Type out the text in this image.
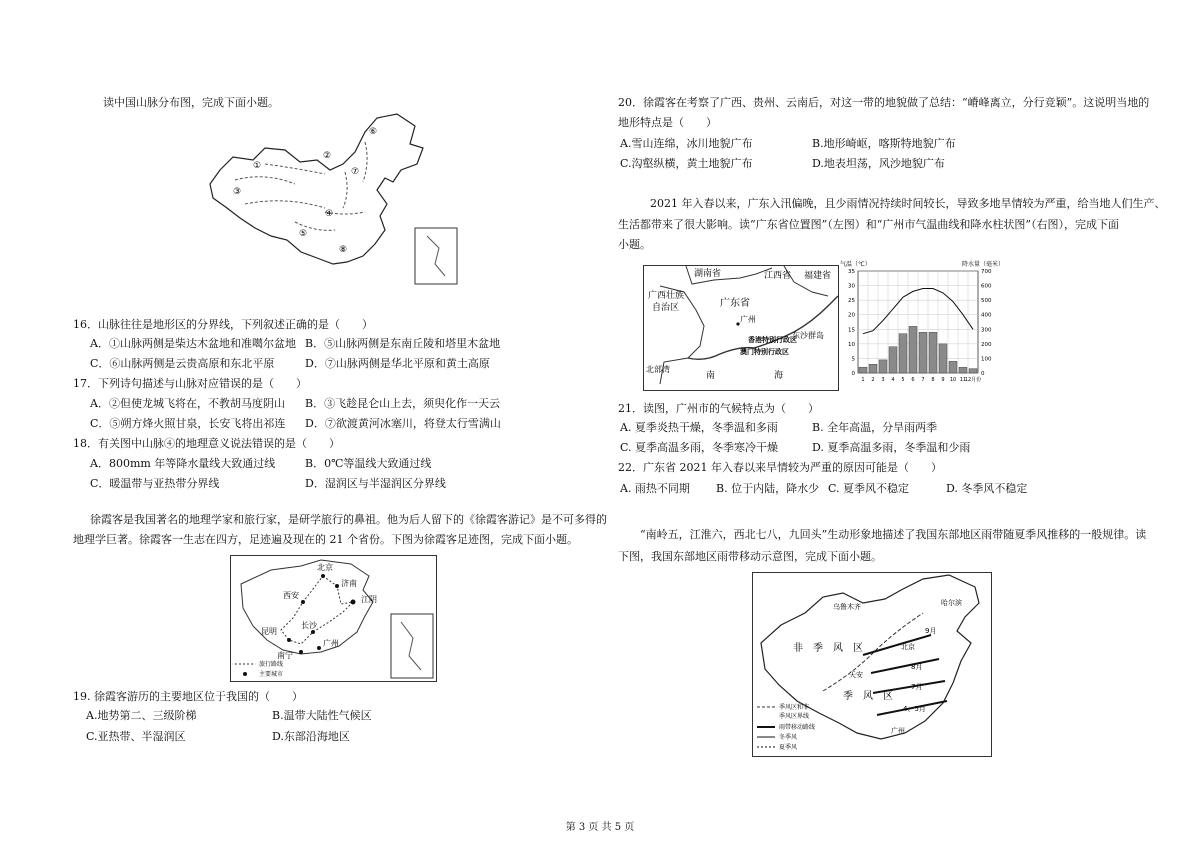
读中国山脉分布图，完成下面小题。
①
②
③
④
⑤
⑥
⑦
⑧
16．山脉往往是地形区的分界线，下列叙述正确的是（　　）
A．①山脉两侧是柴达木盆地和准噶尔盆地 B．⑤山脉两侧是东南丘陵和塔里木盆地
C．⑥山脉两侧是云贵高原和东北平原	D．⑦山脉两侧是华北平原和黄土高原
17．下列诗句描述与山脉对应错误的是（　　）
A．②但使龙城飞将在，不教胡马度阴山 B．③飞趁昆仑山上去，须臾化作一天云
C．⑤朔方烽火照甘泉，长安飞将出祁连 D．⑦欲渡黄河冰塞川，将登太行雪满山
18．有关图中山脉④的地理意义说法错误的是（　　）
A．800mm 年等降水量线大致通过线	B．0℃等温线大致通过线
C．暖温带与亚热带分界线	D．湿润区与半湿润区分界线
徐霞客是我国著名的地理学家和旅行家，是研学旅行的鼻祖。他为后人留下的《徐霞客游记》是不可多得的
地理学巨著。徐霞客一生志在四方，足迹遍及现在的 21 个省份。下图为徐霞客足迹图，完成下面小题。
北京
济南
西安	江阴
长沙
广州
昆明
南宁
旅行路线
主要城市
19. 徐霞客游历的主要地区位于我国的（　　）
A.地势第二、三级阶梯	B.温带大陆性气候区
C.亚热带、半湿润区	D.东部沿海地区
20．徐霞客在考察了广西、贵州、云南后，对这一带的地貌做了总结：“嵴峰离立，分行竞颖”。这说明当地的
地形特点是（　　）
A.雪山连绵，冰川地貌广布	B.地形崎岖，喀斯特地貌广布
C.沟壑纵横，黄土地貌广布	D.地表坦荡，风沙地貌广布
2021 年入春以来，广东入汛偏晚，且少雨情况持续时间较长，导致多地旱情较为严重，给当地人们生产、
生活都带来了很大影响。读“广东省位置图”（左图）和“广州市气温曲线和降水柱状图”（右图），完成下面
小题。
湖南省	江西省 福建省
广西壮族
自治区	广东省
广州
香港特别行政区
澳门特别行政区
东沙群岛
北部湾
南	海
气温（℃）	降水量（毫米）
0	0
5	100
10	200
15	300
20	400
25	500
30	600
35	700
1 2 3 4 5 6 7 8 9 10 11
12月份
21．读图，广州市的气候特点为（　　）
A. 夏季炎热干燥，冬季温和多雨	B. 全年高温，分旱雨两季
C. 夏季高温多雨，冬季寒冷干燥	D. 夏季高温多雨，冬季温和少雨
22．广东省 2021 年入春以来旱情较为严重的原因可能是（　　）
A. 雨热不同期 B. 位于内陆，降水少 C. 夏季风不稳定	D. 冬季风不稳定
“南岭五，江淮六，西北七八，九回头”生动形象地描述了我国东部地区雨带随夏季风推移的一般规律。读
下图，我国东部地区雨带移动示意图，完成下面小题。
乌鲁木齐	哈尔滨
非　季　风　区
季　风　区
北京
天安
9月
8月
7月
4、5月
广州
季风区和非
季风区界线
雨带移动路线
冬季风
夏季风
第 3 页 共 5 页
